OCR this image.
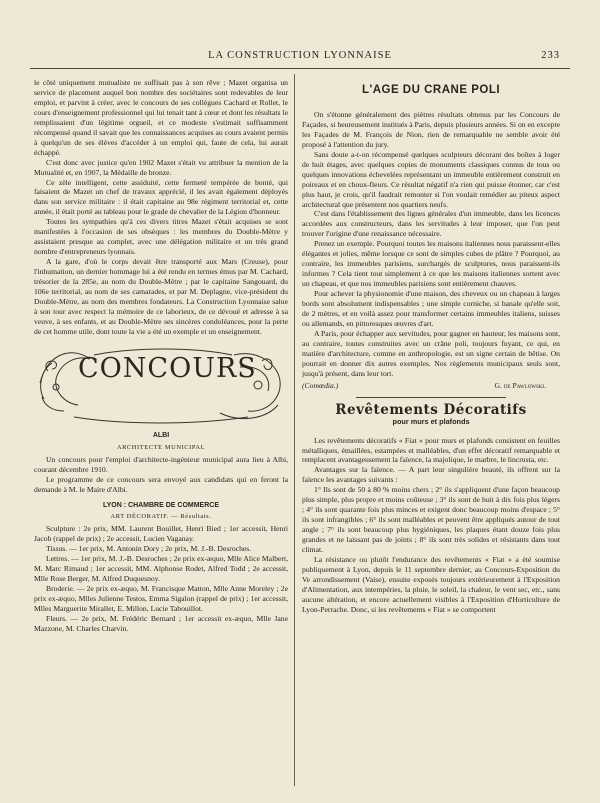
LA CONSTRUCTION LYONNAISE	233

le côté uniquement mutualiste ne suffisait pas à son rêve ; Mazet organisa un service de placement auquel bon nombre des sociétaires sont redevables de leur emploi, et parvint à créer, avec le concours de ses collègues Cachard et Rollet, le cours d'enseignement professionnel qui lui tenait tant à cœur et dont les résultats le remplissaient d'un légitime orgueil, et ce modeste s'estimait suffisamment récompensé quand il savait que les connaissances acquises au cours avaient permis à quelqu'un de ses élèves d'accéder à un emploi qui, faute de cela, lui aurait échappé.

C'est donc avec justice qu'en 1902 Mazet s'était vu attribuer la mention de la Mutualité et, en 1907, la Médaille de bronze.

Ce zèle intelligent, cette assiduité, cette fermeté tempérée de bonté, qui faisaient de Mazet un chef de travaux apprécié, il les avait également déployés dans son service militaire : il était capitaine au 98e régiment territorial et, cette année, il était porté au tableau pour le grade de chevalier de la Légion d'honneur.

Toutes les sympathies qu'à ces divers titres Mazet s'était acquises se sont manifestées à l'occasion de ses obsèques : les membres du Double-Mètre y assistaient presque au complet, avec une délégation militaire et un très grand nombre d'entrepreneurs lyonnais.

A la gare, d'où le corps devait être transporté aux Mars (Creuse), pour l'inhumation, un dernier hommage lui a été rendu en termes émus par M. Cachard, trésorier de la 285e, au nom du Double-Mètre ; par le capitaine Sangouard, du 106e territorial, au nom de ses camarades, et par M. Deplagne, vice-président du Double-Mètre, au nom des membres fondateurs. La Construction Lyonnaise salue à son tour avec respect la mémoire de ce laborieux, de ce dévoué et adresse à sa veuve, à ses enfants, et au Double-Mètre ses sincères condoléances, pour la perte de cet homme utile, dont toute la vie a été un exemple et un enseignement.

CONCOURS
ALBI
ARCHITECTE MUNICIPAL

Un concours pour l'emploi d'architecte-ingénieur municipal aura lieu à Albi, courant décembre 1910.

Le programme de ce concours sera envoyé aux candidats qui en feront la demande à M. le Maire d'Albi.

LYON : CHAMBRE DE COMMERCE
ART DÉCORATIF. — Résultats.

Sculpture : 2e prix, MM. Laurent Bouillet, Henri Bied ; 1er accessit, Henri Jacob (rappel de prix) ; 2e accessit, Lucien Vaganay.

Tissus. — 1er prix, M. Antonin Dory ; 2e prix, M. J.-B. Desroches.

Lettres. — 1er prix, M. J.-B. Desroches ; 2e prix ex-æquo, Mlle Alice Malbert, M. Marc Rimaud ; 1er accessit, MM. Alphonse Rodet, Alfred Todd ; 2e accessit, Mlle Rose Berger, M. Alfred Duquesnoy.

Broderie. — 2e prix ex-æquo, M. Francisque Matton, Mlle Anne Moreley ; 2e prix ex-æquo, Mlles Julienne Testos, Emma Sigalon (rappel de prix) ; 1er accessit, Mlles Marguerite Mirallet, E. Millon, Lucie Tabouillot.

Fleurs. — 2e prix, M. Frédéric Bernard ; 1er accessit ex-æquo, Mlle Jane Mazzone, M. Charles Charvin.

L'AGE DU CRANE POLI

On s'étonne généralement des piètres résultats obtenus par les Concours de Façades, si heureusement institués à Paris, depuis plusieurs années. Si on en excepte les Façades de M. François de Nion, rien de remarquable ne semble avoir été proposé à l'attention du jury.

Sans doute a-t-on récompensé quelques sculpteurs décorant des boîtes à loger de huit étages, avec quelques copies de monuments classiques connus de tous ou quelques innovations échevelées représentant un immeuble entièrement construit en poireaux et en choux-fleurs. Ce résultat négatif n'a rien qui puisse étonner, car c'est plus haut, je crois, qu'il faudrait remonter si l'on voulait remédier au piteux aspect architectural que présentent nos quartiers neufs.

C'est dans l'établissement des lignes générales d'un immeuble, dans les licences accordées aux constructeurs, dans les servitudes à leur imposer, que l'on peut trouver l'origine d'une renaissance nécessaire.

Prenez un exemple. Pourquoi toutes les maisons italiennes nous paraissent-elles élégantes et jolies, même lorsque ce sont de simples cubes de plâtre ? Pourquoi, au contraire, les immeubles parisiens, surchargés de sculptures, nous paraissent-ils informes ? Cela tient tout simplement à ce que les maisons italiennes sortent avec un chapeau, et que nos immeubles parisiens sont entièrement chauves.

Pour achever la physionomie d'une maison, des cheveux ou un chapeau à larges bords sont absolument indispensables ; une simple corniche, si banale qu'elle soit, de 2 mètres, et en voilà assez pour transformer certains immeubles italiens, suisses ou allemands, en pittoresques œuvres d'art.

A Paris, pour échapper aux servitudes, pour gagner en hauteur, les maisons sont, au contraire, toutes construites avec un crâne poli, toujours fuyant, ce qui, en matière d'architecture, comme en anthropologie, est un signe certain de bêtise. On pourrait en donner dix autres exemples. Nos règlements municipaux seuls sont, jusqu'à présent, dans leur tort.

(Comœdia.)	G. de Pawlowski.
Revêtements Décoratifs
pour murs et plafonds

Les revêtements décoratifs « Fiat » pour murs et plafonds consistent en feuilles métalliques, émaillées, estampées et malléables, d'un effet décoratif remarquable et remplacent avantageusement la faïence, la majolique, le marbre, le lincrusta, etc.

Avantages sur la faïence. — A part leur singulière beauté, ils offrent sur la faïence les avantages suivants :

1° Ils sont de 50 à 80 % moins chers ; 2° ils s'appliquent d'une façon beaucoup plus simple, plus propre et moins coûteuse ; 3° ils sont de huit à dix fois plus légers ; 4° ils sont quarante fois plus minces et exigent donc beaucoup moins d'espace ; 5° ils sont infrangibles ; 6° ils sont malléables et peuvent être appliqués autour de tout angle ; 7° ils sont beaucoup plus hygiéniques, les plaques étant douze fois plus grandes et ne laissant pas de joints ; 8° ils sont très solides et résistants dans tout climat.

La résistance ou plutôt l'endurance des revêtements « Fiat » a été soumise publiquement à Lyon, depuis le 11 septembre dernier, au Concours-Exposition du Ve arrondissement (Vaise), ensuite exposés toujours extérieurement à l'Exposition d'Alimentation, aux intempéries, la pluie, le soleil, la chaleur, le vent sec, etc., sans aucune altération, et encore actuellement visibles à l'Exposition d'Horticulture de Lyon-Perrache. Donc, si les revêtements « Fiat » se comportent
